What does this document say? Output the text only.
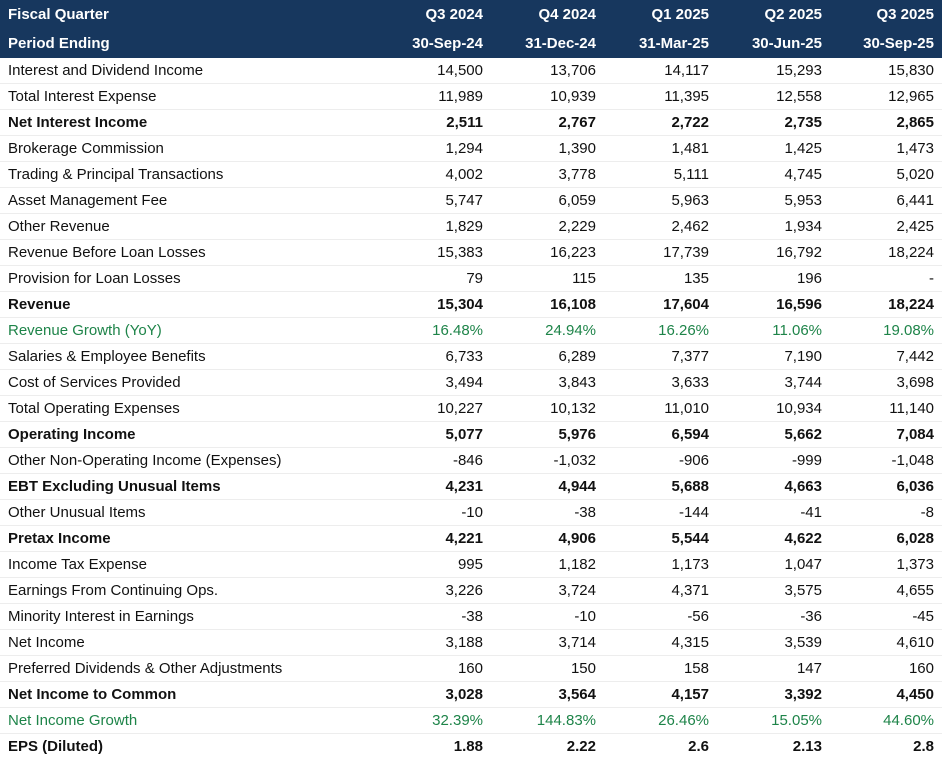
Fiscal Quarter	Q3 2024	Q4 2024	Q1 2025	Q2 2025	Q3 2025
Period Ending	30-Sep-24	31-Dec-24	31-Mar-25	30-Jun-25	30-Sep-25
Interest and Dividend Income	14,500	13,706	14,117	15,293	15,830
Total Interest Expense	11,989	10,939	11,395	12,558	12,965
Net Interest Income	2,511	2,767	2,722	2,735	2,865
Brokerage Commission	1,294	1,390	1,481	1,425	1,473
Trading & Principal Transactions	4,002	3,778	5,111	4,745	5,020
Asset Management Fee	5,747	6,059	5,963	5,953	6,441
Other Revenue	1,829	2,229	2,462	1,934	2,425
Revenue Before Loan Losses	15,383	16,223	17,739	16,792	18,224
Provision for Loan Losses	79	115	135	196	-
Revenue	15,304	16,108	17,604	16,596	18,224
Revenue Growth (YoY)	16.48%	24.94%	16.26%	11.06%	19.08%
Salaries & Employee Benefits	6,733	6,289	7,377	7,190	7,442
Cost of Services Provided	3,494	3,843	3,633	3,744	3,698
Total Operating Expenses	10,227	10,132	11,010	10,934	11,140
Operating Income	5,077	5,976	6,594	5,662	7,084
Other Non-Operating Income (Expenses)	-846	-1,032	-906	-999	-1,048
EBT Excluding Unusual Items	4,231	4,944	5,688	4,663	6,036
Other Unusual Items	-10	-38	-144	-41	-8
Pretax Income	4,221	4,906	5,544	4,622	6,028
Income Tax Expense	995	1,182	1,173	1,047	1,373
Earnings From Continuing Ops.	3,226	3,724	4,371	3,575	4,655
Minority Interest in Earnings	-38	-10	-56	-36	-45
Net Income	3,188	3,714	4,315	3,539	4,610
Preferred Dividends & Other Adjustments	160	150	158	147	160
Net Income to Common	3,028	3,564	4,157	3,392	4,450
Net Income Growth	32.39%	144.83%	26.46%	15.05%	44.60%
EPS (Diluted)	1.88	2.22	2.6	2.13	2.8
